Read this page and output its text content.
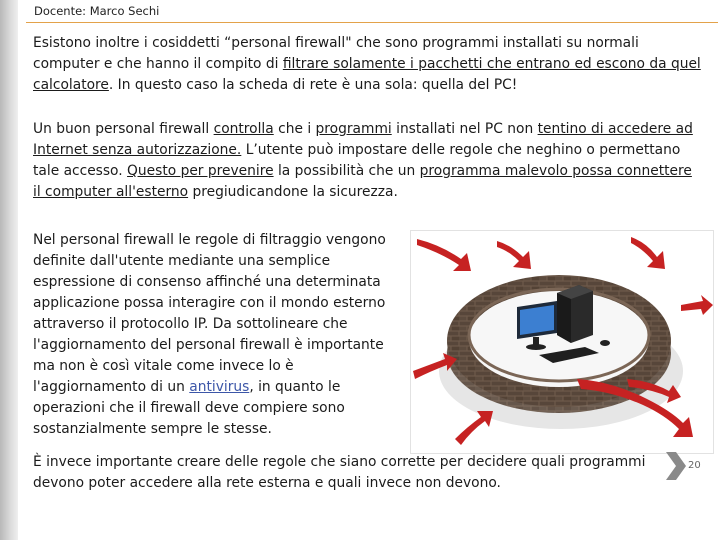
Docente: Marco Sechi
Esistono inoltre i cosiddetti “personal firewall" che sono programmi installati su normali computer e che hanno il compito di filtrare solamente i pacchetti che entrano ed escono da quel calcolatore. In questo caso la scheda di rete è una sola: quella del PC!
Un buon personal firewall controlla che i programmi installati nel PC non tentino di accedere ad Internet senza autorizzazione. L’utente può impostare delle regole che neghino o permettano tale accesso. Questo per prevenire la possibilità che un programma malevolo possa connettere il computer all'esterno pregiudicandone la sicurezza.
Nel personal firewall le regole di filtraggio vengono definite dall'utente mediante una semplice espressione di consenso affinché una determinata applicazione possa interagire con il mondo esterno attraverso il protocollo IP. Da sottolineare che l'aggiornamento del personal firewall è importante ma non è così vitale come invece lo è l'aggiornamento di un antivirus, in quanto le operazioni che il firewall deve compiere sono sostanzialmente sempre le stesse.
È invece importante creare delle regole che siano corrette per decidere quali programmi devono poter accedere alla rete esterna e quali invece non devono.
20
